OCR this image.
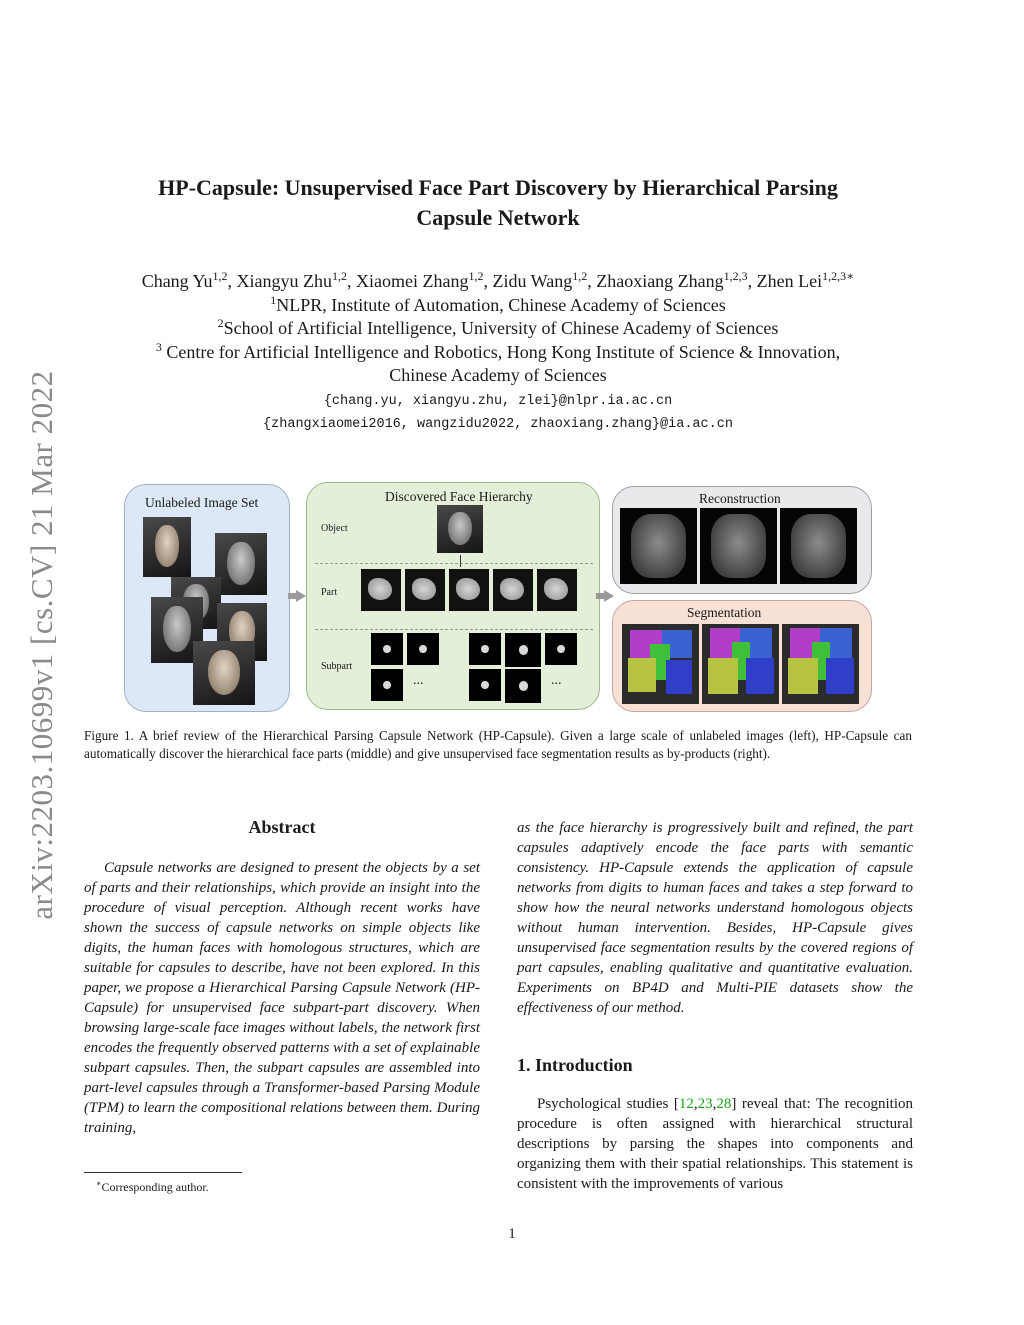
arXiv:2203.10699v1 [cs.CV] 21 Mar 2022
HP-Capsule: Unsupervised Face Part Discovery by Hierarchical Parsing
Capsule Network
Chang Yu$^{1,2}$, Xiangyu Zhu$^{1,2}$, Xiaomei Zhang$^{1,2}$, Zidu Wang$^{1,2}$, Zhaoxiang Zhang$^{1,2,3}$, Zhen Lei$^{1,2,3∗}$
$^1$NLPR, Institute of Automation, Chinese Academy of Sciences
$^2$School of Artificial Intelligence, University of Chinese Academy of Sciences
$^3$ Centre for Artificial Intelligence and Robotics, Hong Kong Institute of Science & Innovation,
Chinese Academy of Sciences
{chang.yu, xiangyu.zhu, zlei}@nlpr.ia.ac.cn
{zhangxiaomei2016, wangzidu2022, zhaoxiang.zhang}@ia.ac.cn
Unlabeled Image Set	Discovered Face Hierarchy
Object
Part
Subpart
...	...
Reconstruction
Segmentation
Figure 1. A brief review of the Hierarchical Parsing Capsule Network (HP-Capsule). Given a large scale of unlabeled images (left), HP-Capsule can automatically discover the hierarchical face parts (middle) and give unsupervised face segmentation results as by-products (right).
Abstract

Capsule networks are designed to present the objects by a set of parts and their relationships, which provide an insight into the procedure of visual perception. Although recent works have shown the success of capsule networks on simple objects like digits, the human faces with homologous structures, which are suitable for capsules to describe, have not been explored. In this paper, we propose a Hierarchical Parsing Capsule Network (HP-Capsule) for unsupervised face subpart-part discovery. When browsing large-scale face images without labels, the network first encodes the frequently observed patterns with a set of explainable subpart capsules. Then, the subpart capsules are assembled into part-level capsules through a Transformer-based Parsing Module (TPM) to learn the compositional relations between them. During training,

as the face hierarchy is progressively built and refined, the part capsules adaptively encode the face parts with semantic consistency. HP-Capsule extends the application of capsule networks from digits to human faces and takes a step forward to show how the neural networks understand homologous objects without human intervention. Besides, HP-Capsule gives unsupervised face segmentation results by the covered regions of part capsules, enabling qualitative and quantitative evaluation. Experiments on BP4D and Multi-PIE datasets show the effectiveness of our method.

1. Introduction

Psychological studies [12,23,28] reveal that: The recognition procedure is often assigned with hierarchical structural descriptions by parsing the shapes into components and organizing them with their spatial relationships. This statement is consistent with the improvements of various

∗Corresponding author.
1
